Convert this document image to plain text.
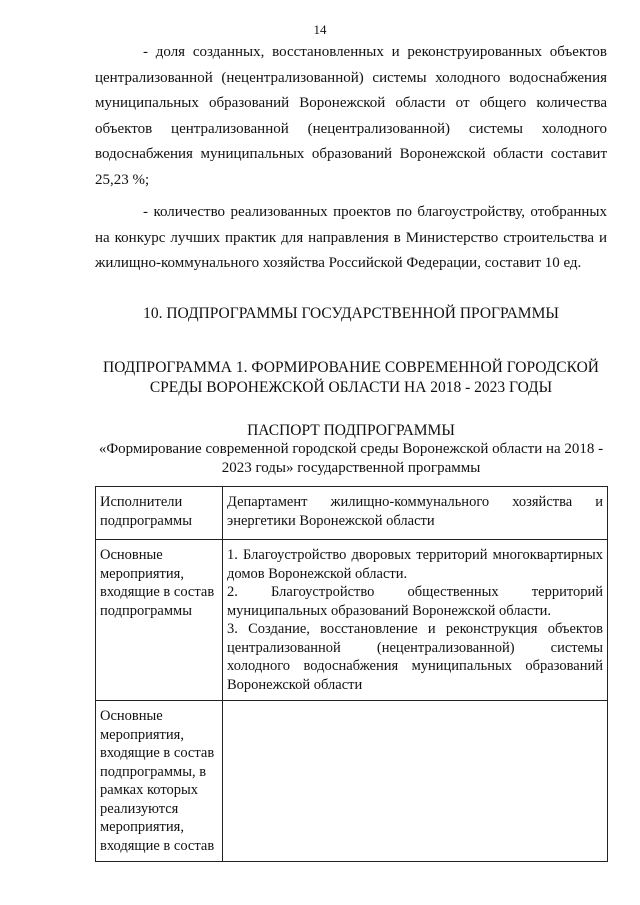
14

- доля созданных, восстановленных и реконструированных объектов централизованной (нецентрализованной) системы холодного водоснабжения муниципальных образований Воронежской области от общего количества объектов централизованной (нецентрализованной) системы холодного водоснабжения муниципальных образований Воронежской области составит 25,23 %;

- количество реализованных проектов по благоустройству, отобранных на конкурс лучших практик для направления в Министерство строительства и жилищно-коммунального хозяйства Российской Федерации, составит 10 ед.

10. ПОДПРОГРАММЫ ГОСУДАРСТВЕННОЙ ПРОГРАММЫ
ПОДПРОГРАММА 1. ФОРМИРОВАНИЕ СОВРЕМЕННОЙ ГОРОДСКОЙ СРЕДЫ ВОРОНЕЖСКОЙ ОБЛАСТИ НА 2018 - 2023 ГОДЫ
ПАСПОРТ ПОДПРОГРАММЫ
«Формирование современной городской среды Воронежской области на 2018 - 2023 годы» государственной программы
Исполнители подпрограммы	Департамент жилищно-коммунального хозяйства и энергетики Воронежской области
Основные мероприятия, входящие в состав подпрограммы	1. Благоустройство дворовых территорий многоквартирных домов Воронежской области.

2. Благоустройство общественных территорий муниципальных образований Воронежской области.

3. Создание, восстановление и реконструкция объектов централизованной (нецентрализованной) системы холодного водоснабжения муниципальных образований Воронежской области

Основные мероприятия, входящие в состав подпрограммы, в рамках которых реализуются мероприятия, входящие в состав	
